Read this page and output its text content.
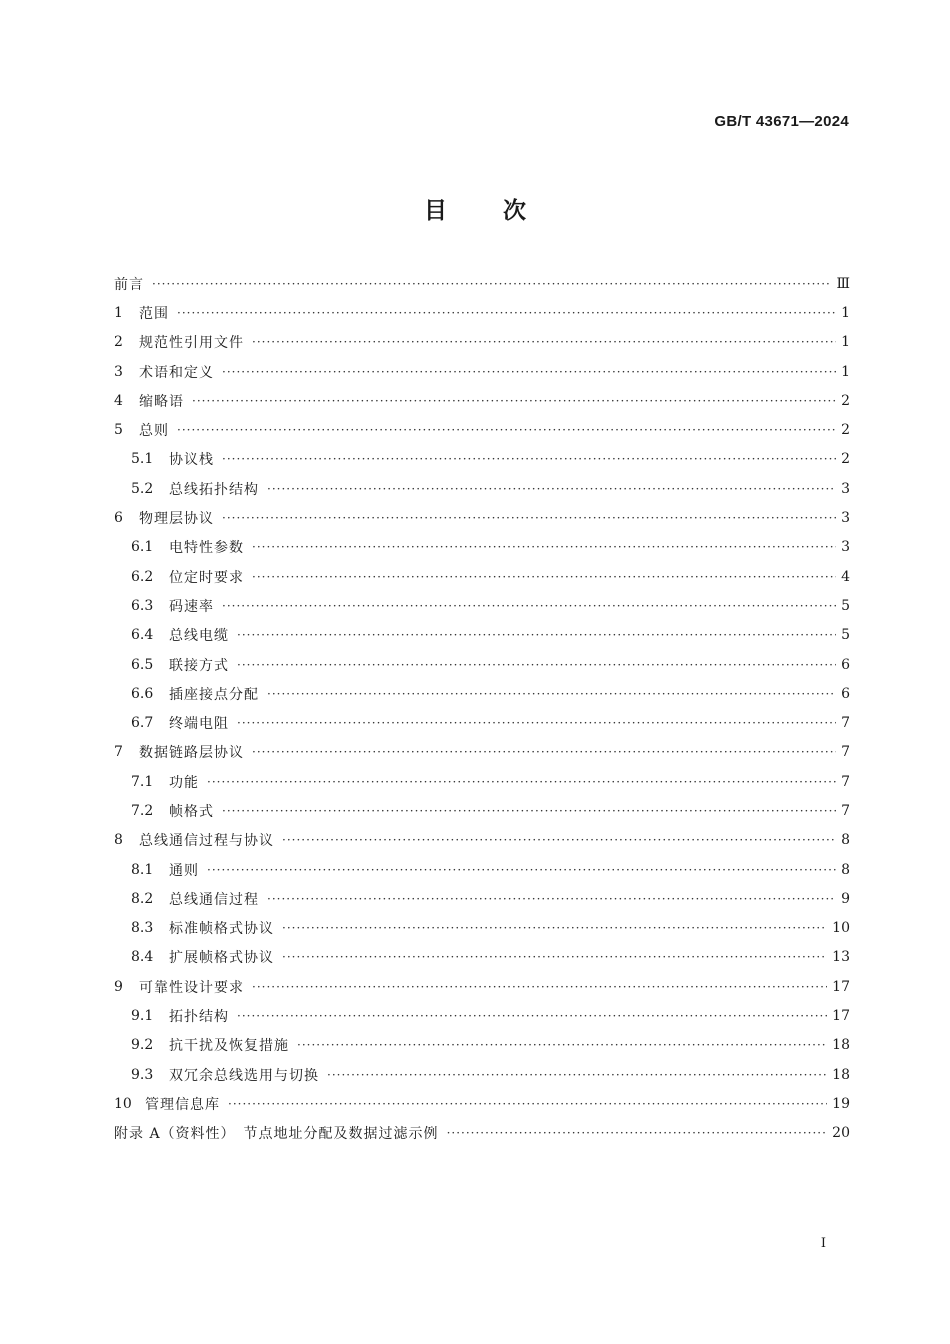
GB/T 43671—2024
目 次
前言 ·····	Ⅲ
1	范围 ·····	1
2	规范性引用文件 ·····	1
3	术语和定义 ·····	1
4	缩略语 ·····	2
5	总则 ·····	2
5.1	协议栈 ·····	2
5.2	总线拓扑结构 ·····	3
6	物理层协议 ·····	3
6.1	电特性参数 ·····	3
6.2	位定时要求 ·····	4
6.3	码速率 ·····	5
6.4	总线电缆 ·····	5
6.5	联接方式 ·····	6
6.6	插座接点分配 ·····	6
6.7	终端电阻 ·····	7
7	数据链路层协议 ·····	7
7.1	功能 ·····	7
7.2	帧格式 ·····	7
8	总线通信过程与协议 ·····	8
8.1	通则 ·····	8
8.2	总线通信过程 ·····	9
8.3	标准帧格式协议 ·····	10
8.4	扩展帧格式协议 ·····	13
9	可靠性设计要求 ·····	17
9.1	拓扑结构 ·····	17
9.2	抗干扰及恢复措施 ·····	18
9.3	双冗余总线选用与切换 ·····	18
10 管理信息库 ·····	19
附录 A（资料性）　节点地址分配及数据过滤示例 ·····	20
I
